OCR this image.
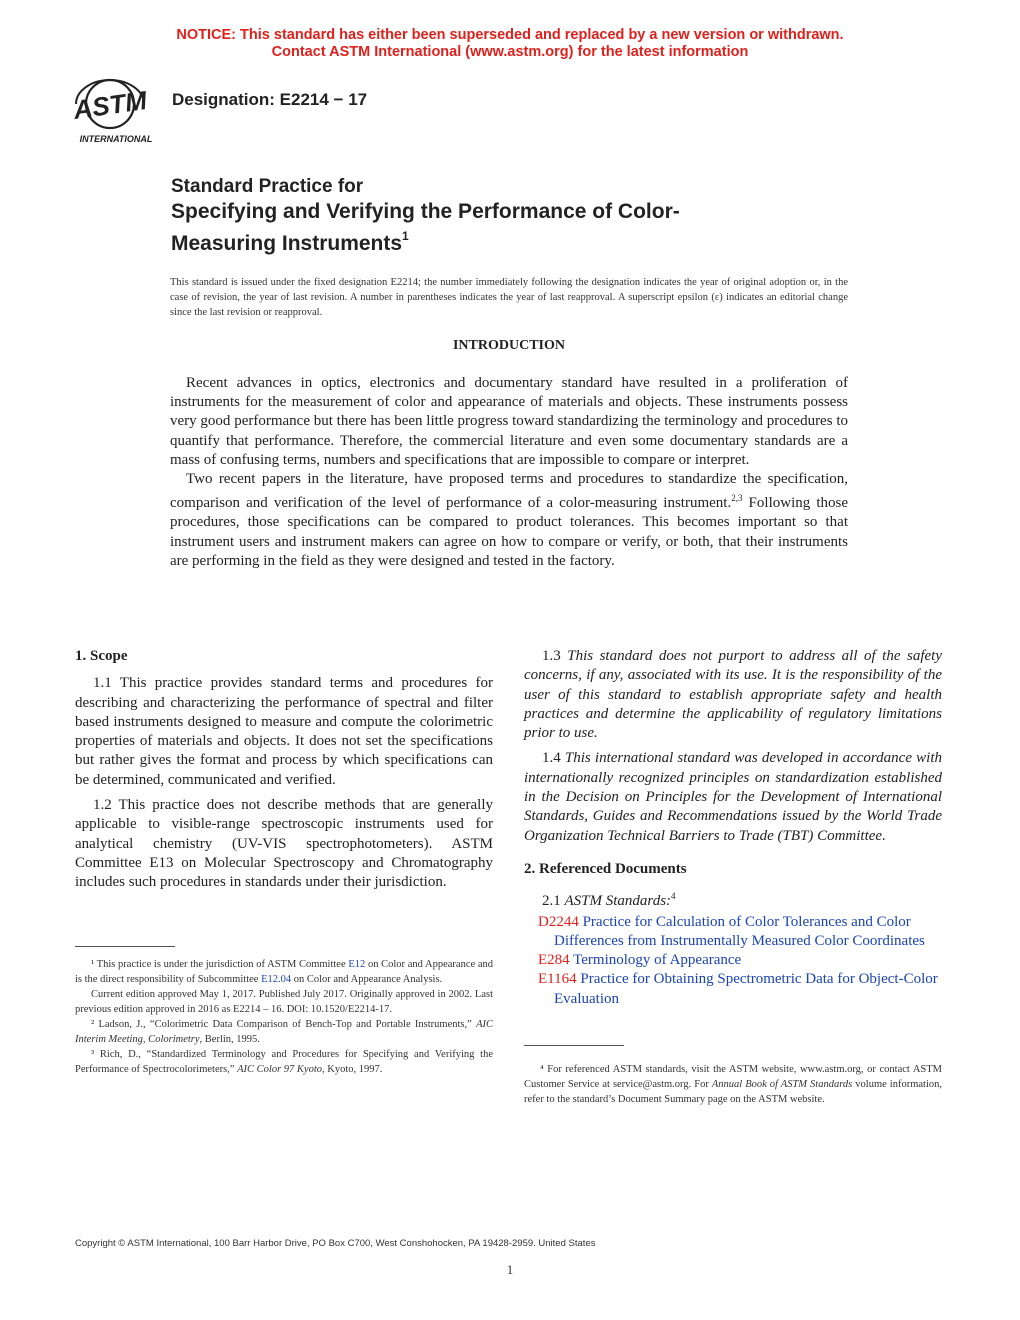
NOTICE: This standard has either been superseded and replaced by a new version or withdrawn.
Contact ASTM International (www.astm.org) for the latest information
ASTM
INTERNATIONAL
Designation: E2214 − 17
Standard Practice for
Specifying and Verifying the Performance of Color-
Measuring Instruments$^1$
This standard is issued under the fixed designation E2214; the number immediately following the designation indicates the year of original adoption or, in the case of revision, the year of last revision. A number in parentheses indicates the year of last reapproval. A superscript epsilon (ε) indicates an editorial change since the last revision or reapproval.
INTRODUCTION

Recent advances in optics, electronics and documentary standard have resulted in a proliferation of instruments for the measurement of color and appearance of materials and objects. These instruments possess very good performance but there has been little progress toward standardizing the terminology and procedures to quantify that performance. Therefore, the commercial literature and even some documentary standards are a mass of confusing terms, numbers and specifications that are impossible to compare or interpret.

Two recent papers in the literature, have proposed terms and procedures to standardize the specification, comparison and verification of the level of performance of a color-measuring instrument.$^{2,3}$ Following those procedures, those specifications can be compared to product tolerances. This becomes important so that instrument users and instrument makers can agree on how to compare or verify, or both, that their instruments are performing in the field as they were designed and tested in the factory.

1. Scope

1.1 This practice provides standard terms and procedures for describing and characterizing the performance of spectral and filter based instruments designed to measure and compute the colorimetric properties of materials and objects. It does not set the specifications but rather gives the format and process by which specifications can be determined, communicated and verified.

1.2 This practice does not describe methods that are generally applicable to visible-range spectroscopic instruments used for analytical chemistry (UV-VIS spectrophotometers). ASTM Committee E13 on Molecular Spectroscopy and Chromatography includes such procedures in standards under their jurisdiction.

1.3 This standard does not purport to address all of the safety concerns, if any, associated with its use. It is the responsibility of the user of this standard to establish appropriate safety and health practices and determine the applicability of regulatory limitations prior to use.

1.4 This international standard was developed in accordance with internationally recognized principles on standardization established in the Decision on Principles for the Development of International Standards, Guides and Recommendations issued by the World Trade Organization Technical Barriers to Trade (TBT) Committee.

2. Referenced Documents
2.1 ASTM Standards:$^4$
D2244 Practice for Calculation of Color Tolerances and Color Differences from Instrumentally Measured Color Coordinates
E284 Terminology of Appearance
E1164 Practice for Obtaining Spectrometric Data for Object-Color Evaluation

¹ This practice is under the jurisdiction of ASTM Committee E12 on Color and Appearance and is the direct responsibility of Subcommittee E12.04 on Color and Appearance Analysis.

Current edition approved May 1, 2017. Published July 2017. Originally approved in 2002. Last previous edition approved in 2016 as E2214 – 16. DOI: 10.1520/E2214-17.

² Ladson, J., “Colorimetric Data Comparison of Bench-Top and Portable Instruments,” AIC Interim Meeting, Colorimetry, Berlin, 1995.

³ Rich, D., “Standardized Terminology and Procedures for Specifying and Verifying the Performance of Spectrocolorimeters,” AIC Color 97 Kyoto, Kyoto, 1997.	⁴ For referenced ASTM standards, visit the ASTM website, www.astm.org, or contact ASTM Customer Service at service@astm.org. For Annual Book of ASTM Standards volume information, refer to the standard’s Document Summary page on the ASTM website.

Copyright © ASTM International, 100 Barr Harbor Drive, PO Box C700, West Conshohocken, PA 19428-2959. United States
1
